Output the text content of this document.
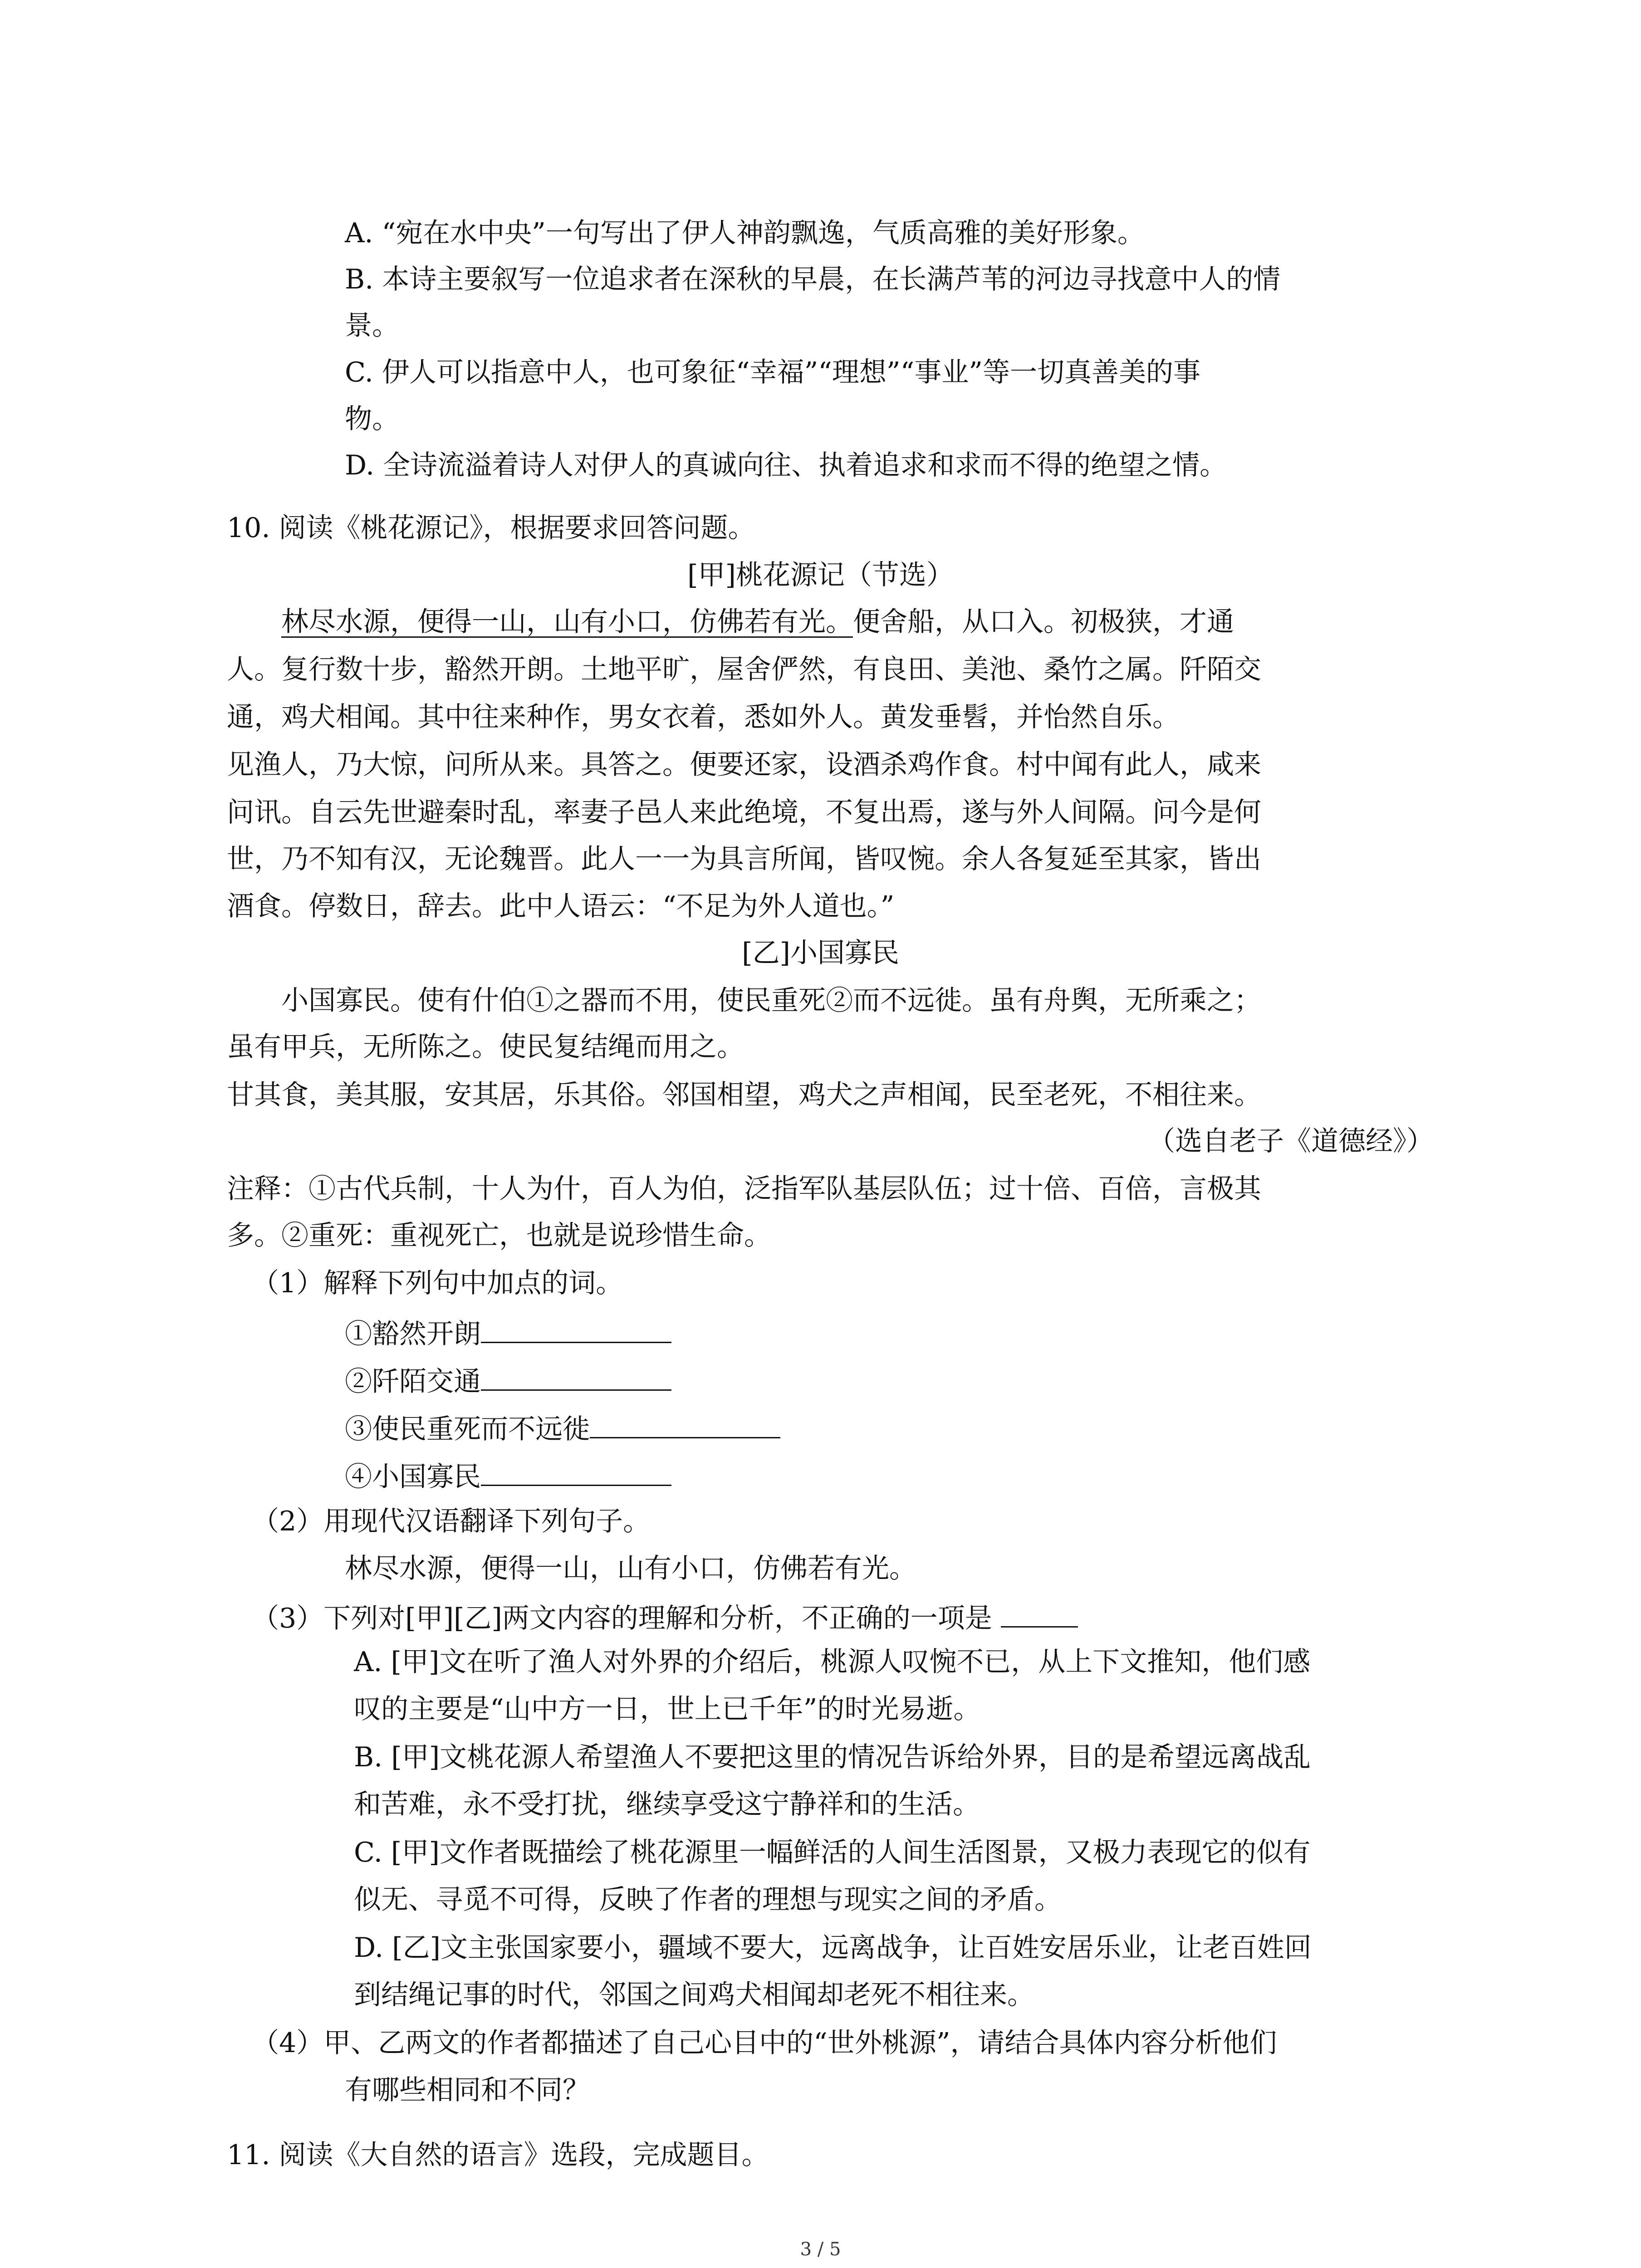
A. “宛在水中央”一句写出了伊人神韵飘逸，气质高雅的美好形象。
B. 本诗主要叙写一位追求者在深秋的早晨，在长满芦苇的河边寻找意中人的情
景。
C. 伊人可以指意中人，也可象征“幸福”“理想”“事业”等一切真善美的事
物。
D. 全诗流溢着诗人对伊人的真诚向往、执着追求和求而不得的绝望之情。
10. 阅读《桃花源记》，根据要求回答问题。
[甲]桃花源记（节选）
林尽水源，便得一山，山有小口，仿佛若有光。便舍船，从口入。初极狭，才通
人。复行数十步，豁然开朗。土地平旷，屋舍俨然，有良田、美池、桑竹之属。阡陌交
通，鸡犬相闻。其中往来种作，男女衣着，悉如外人。黄发垂髫，并怡然自乐。
见渔人，乃大惊，问所从来。具答之。便要还家，设酒杀鸡作食。村中闻有此人，咸来
问讯。自云先世避秦时乱，率妻子邑人来此绝境，不复出焉，遂与外人间隔。问今是何
世，乃不知有汉，无论魏晋。此人一一为具言所闻，皆叹惋。余人各复延至其家，皆出
酒食。停数日，辞去。此中人语云：“不足为外人道也。”
[乙]小国寡民
小国寡民。使有什伯①之器而不用，使民重死②而不远徙。虽有舟舆，无所乘之；
虽有甲兵，无所陈之。使民复结绳而用之。
甘其食，美其服，安其居，乐其俗。邻国相望，鸡犬之声相闻，民至老死，不相往来。
（选自老子《道德经》）
注释：①古代兵制，十人为什，百人为伯，泛指军队基层队伍；过十倍、百倍，言极其
多。②重死：重视死亡，也就是说珍惜生命。
（1）解释下列句中加点的词。
①豁然开朗
②阡陌交通
③使民重死而不远徙
④小国寡民
（2）用现代汉语翻译下列句子。
林尽水源，便得一山，山有小口，仿佛若有光。
（3）下列对[甲][乙]两文内容的理解和分析，不正确的一项是
A. [甲]文在听了渔人对外界的介绍后，桃源人叹惋不已，从上下文推知，他们感
叹的主要是“山中方一日，世上已千年”的时光易逝。
B. [甲]文桃花源人希望渔人不要把这里的情况告诉给外界，目的是希望远离战乱
和苦难，永不受打扰，继续享受这宁静祥和的生活。
C. [甲]文作者既描绘了桃花源里一幅鲜活的人间生活图景，又极力表现它的似有
似无、寻觅不可得，反映了作者的理想与现实之间的矛盾。
D. [乙]文主张国家要小，疆域不要大，远离战争，让百姓安居乐业，让老百姓回
到结绳记事的时代，邻国之间鸡犬相闻却老死不相往来。
（4）甲、乙两文的作者都描述了自己心目中的“世外桃源”，请结合具体内容分析他们
有哪些相同和不同？
11. 阅读《大自然的语言》选段，完成题目。
3 / 5
